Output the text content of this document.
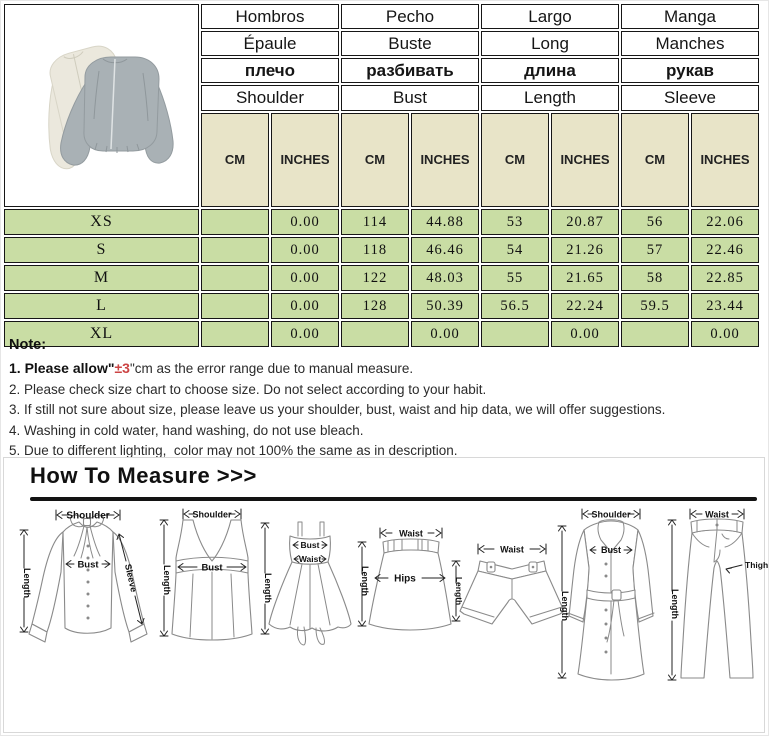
	Hombros		Pecho		Largo		Manga	
	Épaule		Buste		Long		Manches	
	плечо		разбивать		длина		рукав	
	Shoulder		Bust		Length		Sleeve	
	CM	INCHES	CM	INCHES	CM	INCHES	CM	INCHES
XS		0.00	114	44.88	53	20.87	56	22.06
S		0.00	118	46.46	54	21.26	57	22.46
M		0.00	122	48.03	55	21.65	58	22.85
L		0.00	128	50.39	56.5	22.24	59.5	23.44
XL		0.00		0.00		0.00		0.00
Note:
1. Please allow"±3"cm as the error range due to manual measure.
2. Please check size chart to choose size. Do not select according to your habit.
3. If still not sure about size, please leave us your shoulder, bust, waist and hip data, we will offer suggestions.
4. Washing in cold water, hand washing, do not use bleach.
5. Due to different lighting,  color may not 100% the same as in description.
How To Measure >>>
Shoulder
Length
Bust	Sleeve
Shoulder
Length	Bust
Bust
Waist
Length
Waist
Hips
Length
Waist
Length
Shoulder
Bust
Length
Waist
Thigh
Length
